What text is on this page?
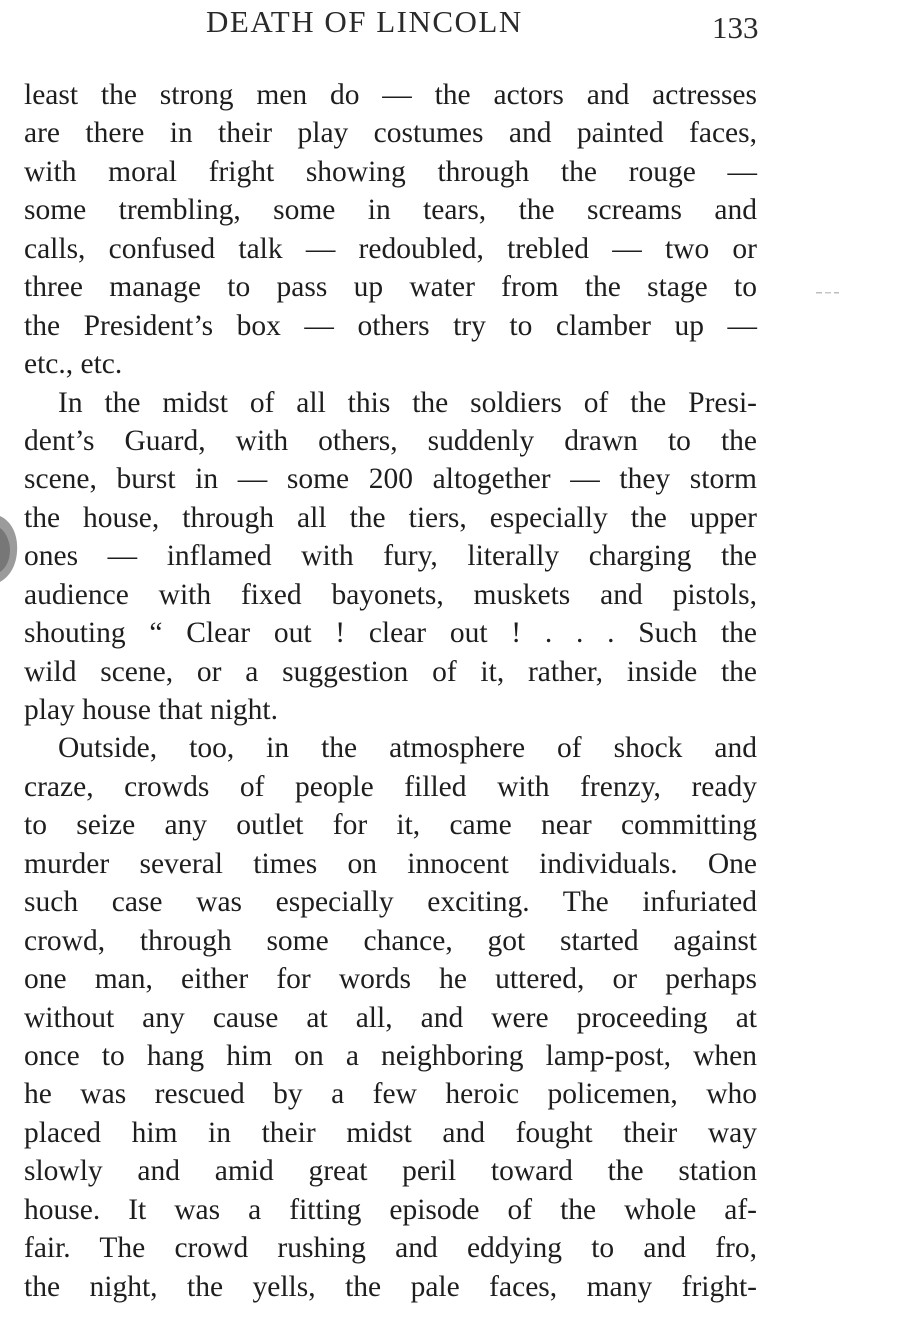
DEATH OF LINCOLN	133
least the strong men do — the actors and actresses
are there in their play costumes and painted faces,
with moral fright showing through the rouge —
some trembling, some in tears, the screams and
calls, confused talk — redoubled, trebled — two or
three manage to pass up water from the stage to
the President’s box — others try to clamber up —
etc., etc.
In the midst of all this the soldiers of the Presi-
dent’s Guard, with others, suddenly drawn to the
scene, burst in — some 200 altogether — they storm
the house, through all the tiers, especially the upper
ones — inflamed with fury, literally charging the
audience with fixed bayonets, muskets and pistols,
shouting “ Clear out ! clear out ! . . . Such the
wild scene, or a suggestion of it, rather, inside the
play house that night.
Outside, too, in the atmosphere of shock and
craze, crowds of people filled with frenzy, ready
to seize any outlet for it, came near committing
murder several times on innocent individuals. One
such case was especially exciting. The infuriated
crowd, through some chance, got started against
one man, either for words he uttered, or perhaps
without any cause at all, and were proceeding at
once to hang him on a neighboring lamp-post, when
he was rescued by a few heroic policemen, who
placed him in their midst and fought their way
slowly and amid great peril toward the station
house. It was a fitting episode of the whole af-
fair. The crowd rushing and eddying to and fro,
the night, the yells, the pale faces, many fright-
